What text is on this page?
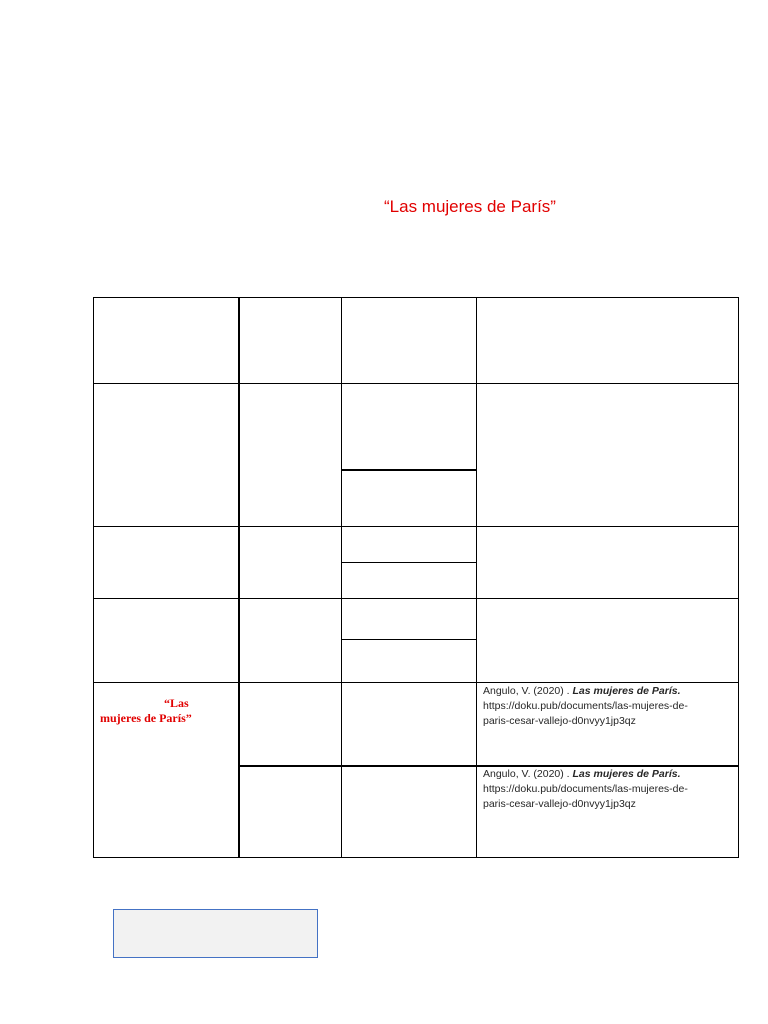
“Las mujeres de París”
“Las
mujeres de París”
Angulo, V. (2020) . Las mujeres de París.
https://doku.pub/documents/las-mujeres-de-
paris-cesar-vallejo-d0nvyy1jp3qz
Angulo, V. (2020) . Las mujeres de París.
https://doku.pub/documents/las-mujeres-de-
paris-cesar-vallejo-d0nvyy1jp3qz
